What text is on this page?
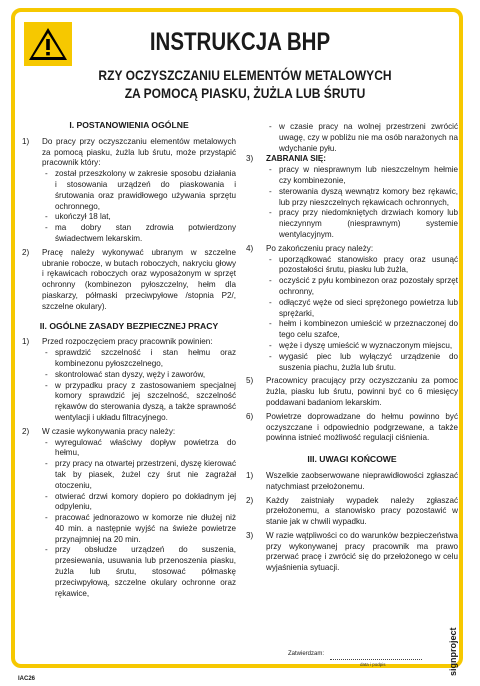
INSTRUKCJA BHP
RZY OCZYSZCZANIU ELEMENTÓW METALOWYCH
ZA POMOCĄ PIASKU, ŻUŻLA LUB ŚRUTU
I. POSTANOWIENIA OGÓLNE
1) Do pracy przy oczyszczaniu elementów metalowych za pomocą piasku, żużla lub śrutu, może przystąpić pracownik który:
- został przeszkolony w zakresie sposobu działania i stosowania urządzeń do piaskowania i śrutowania oraz prawidłowego używania sprzętu ochronnego,
- ukończył 18 lat,
- ma dobry stan zdrowia potwierdzony świadectwem lekarskim.
2) Pracę należy wykonywać ubranym w szczelne ubranie robocze, w butach roboczych, nakryciu głowy i rękawicach roboczych oraz wyposażonym w sprzęt ochronny (kombinezon pyłoszczelny, hełm dla piaskarzy, półmaski przeciwpyłowe /stopnia P2/, szczelne okulary).
II. OGÓLNE ZASADY BEZPIECZNEJ PRACY
1) Przed rozpoczęciem pracy pracownik powinien:
- sprawdzić szczelność i stan hełmu oraz kombinezonu pyłoszczelnego,
- skontrolować stan dyszy, węży i zaworów,
- w przypadku pracy z zastosowaniem specjalnej komory sprawdzić jej szczelność, szczelność rękawów do sterowania dyszą, a także sprawność wentylacji i układu filtracyjnego.
2) W czasie wykonywania pracy należy:
- wyregulować właściwy dopływ powietrza do hełmu,
- przy pracy na otwartej przestrzeni, dyszę kierować tak by piasek, żużel czy śrut nie zagrażał otoczeniu,
- otwierać drzwi komory dopiero po dokładnym jej odpyleniu,
- pracować jednorazowo w komorze nie dłużej niż 40 min. a następnie wyjść na świeże powietrze przynajmniej na 20 min.
- przy obsłudze urządzeń do suszenia, przesiewania, usuwania lub przenoszenia piasku, żużla lub śrutu, stosować półmaskę przeciwpyłową, szczelne okulary ochronne oraz rękawice,
- w czasie pracy na wolnej przestrzeni zwrócić uwagę, czy w pobliżu nie ma osób narażonych na wdychanie pyłu.
3) ZABRANIA SIĘ:
- pracy w niesprawnym lub nieszczelnym hełmie czy kombinezonie,
- sterowania dyszą wewnątrz komory bez rękawic, lub przy nieszczelnych rękawicach ochronnych,
- pracy przy niedomkniętych drzwiach komory lub nieczynnym (niesprawnym) systemie wentylacyjnym.
4) Po zakończeniu pracy należy:
- uporządkować stanowisko pracy oraz usunąć pozostałości śrutu, piasku lub żużla,
- oczyścić z pyłu kombinezon oraz pozostały sprzęt ochronny,
- odłączyć węże od sieci sprężonego powietrza lub sprężarki,
- hełm i kombinezon umieścić w przeznaczonej do tego celu szafce,
- węże i dyszę umieścić w wyznaczonym miejscu,
- wygasić piec lub wyłączyć urządzenie do suszenia piachu, żużla lub śrutu.
5) Pracownicy pracujący przy oczyszczaniu za pomoc żużla, piasku lub śrutu, powinni być co 6 miesięcy poddawani badaniom lekarskim.
6) Powietrze doprowadzane do hełmu powinno być oczyszczane i odpowiednio podgrzewane, a także powinna istnieć możliwość regulacji ciśnienia.
III. UWAGI KOŃCOWE
1) Wszelkie zaobserwowane nieprawidłowości zgłaszać natychmiast przełożonemu.
2) Każdy zaistniały wypadek należy zgłaszać przełożonemu, a stanowisko pracy pozostawić w stanie jak w chwili wypadku.
3) W razie wątpliwości co do warunków bezpieczeństwa przy wykonywanej pracy pracownik ma prawo przerwać pracę i zwrócić się do przełożonego w celu wyjaśnienia sytuacji.
Zatwierdzam:
data i podpis
IAC26
signproject
